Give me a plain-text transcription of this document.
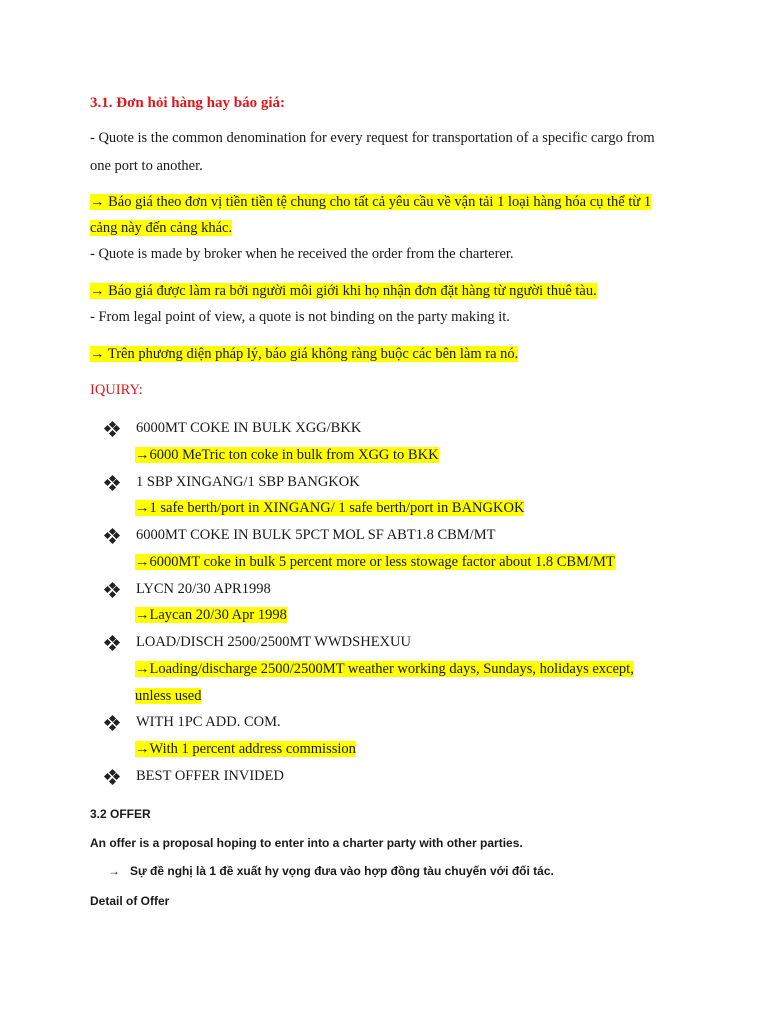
3.1. Đơn hỏi hàng hay báo giá:
- Quote is the common denomination for every request for transportation of a specific cargo from
one port to another.
→ Báo giá theo đơn vị tiền tiền tệ chung cho tất cả yêu cầu về vận tải 1 loại hàng hóa cụ thể từ 1
cảng này đến cảng khác.
- Quote is made by broker when he received the order from the charterer.
→ Báo giá được làm ra bởi người môi giới khi họ nhận đơn đặt hàng từ người thuê tàu.
- From legal point of view, a quote is not binding on the party making it.
→ Trên phương diện pháp lý, báo giá không ràng buộc các bên làm ra nó.
IQUIRY:
6000MT COKE IN BULK XGG/BKK
→6000 MeTric ton coke in bulk from XGG to BKK
1 SBP XINGANG/1 SBP BANGKOK
→1 safe berth/port in XINGANG/ 1 safe berth/port in BANGKOK
6000MT COKE IN BULK 5PCT MOL SF ABT1.8 CBM/MT
→6000MT coke in bulk 5 percent more or less stowage factor about 1.8 CBM/MT
LYCN 20/30 APR1998
→Laycan 20/30 Apr 1998
LOAD/DISCH 2500/2500MT WWDSHEXUU
→Loading/discharge 2500/2500MT weather working days, Sundays, holidays except,
unless used
WITH 1PC ADD. COM.
→With 1 percent address commission
BEST OFFER INVIDED
3.2 OFFER
An offer is a proposal hoping to enter into a charter party with other parties.
→ Sự đề nghị là 1 đề xuất hy vọng đưa vào hợp đồng tàu chuyến với đối tác.
Detail of Offer
